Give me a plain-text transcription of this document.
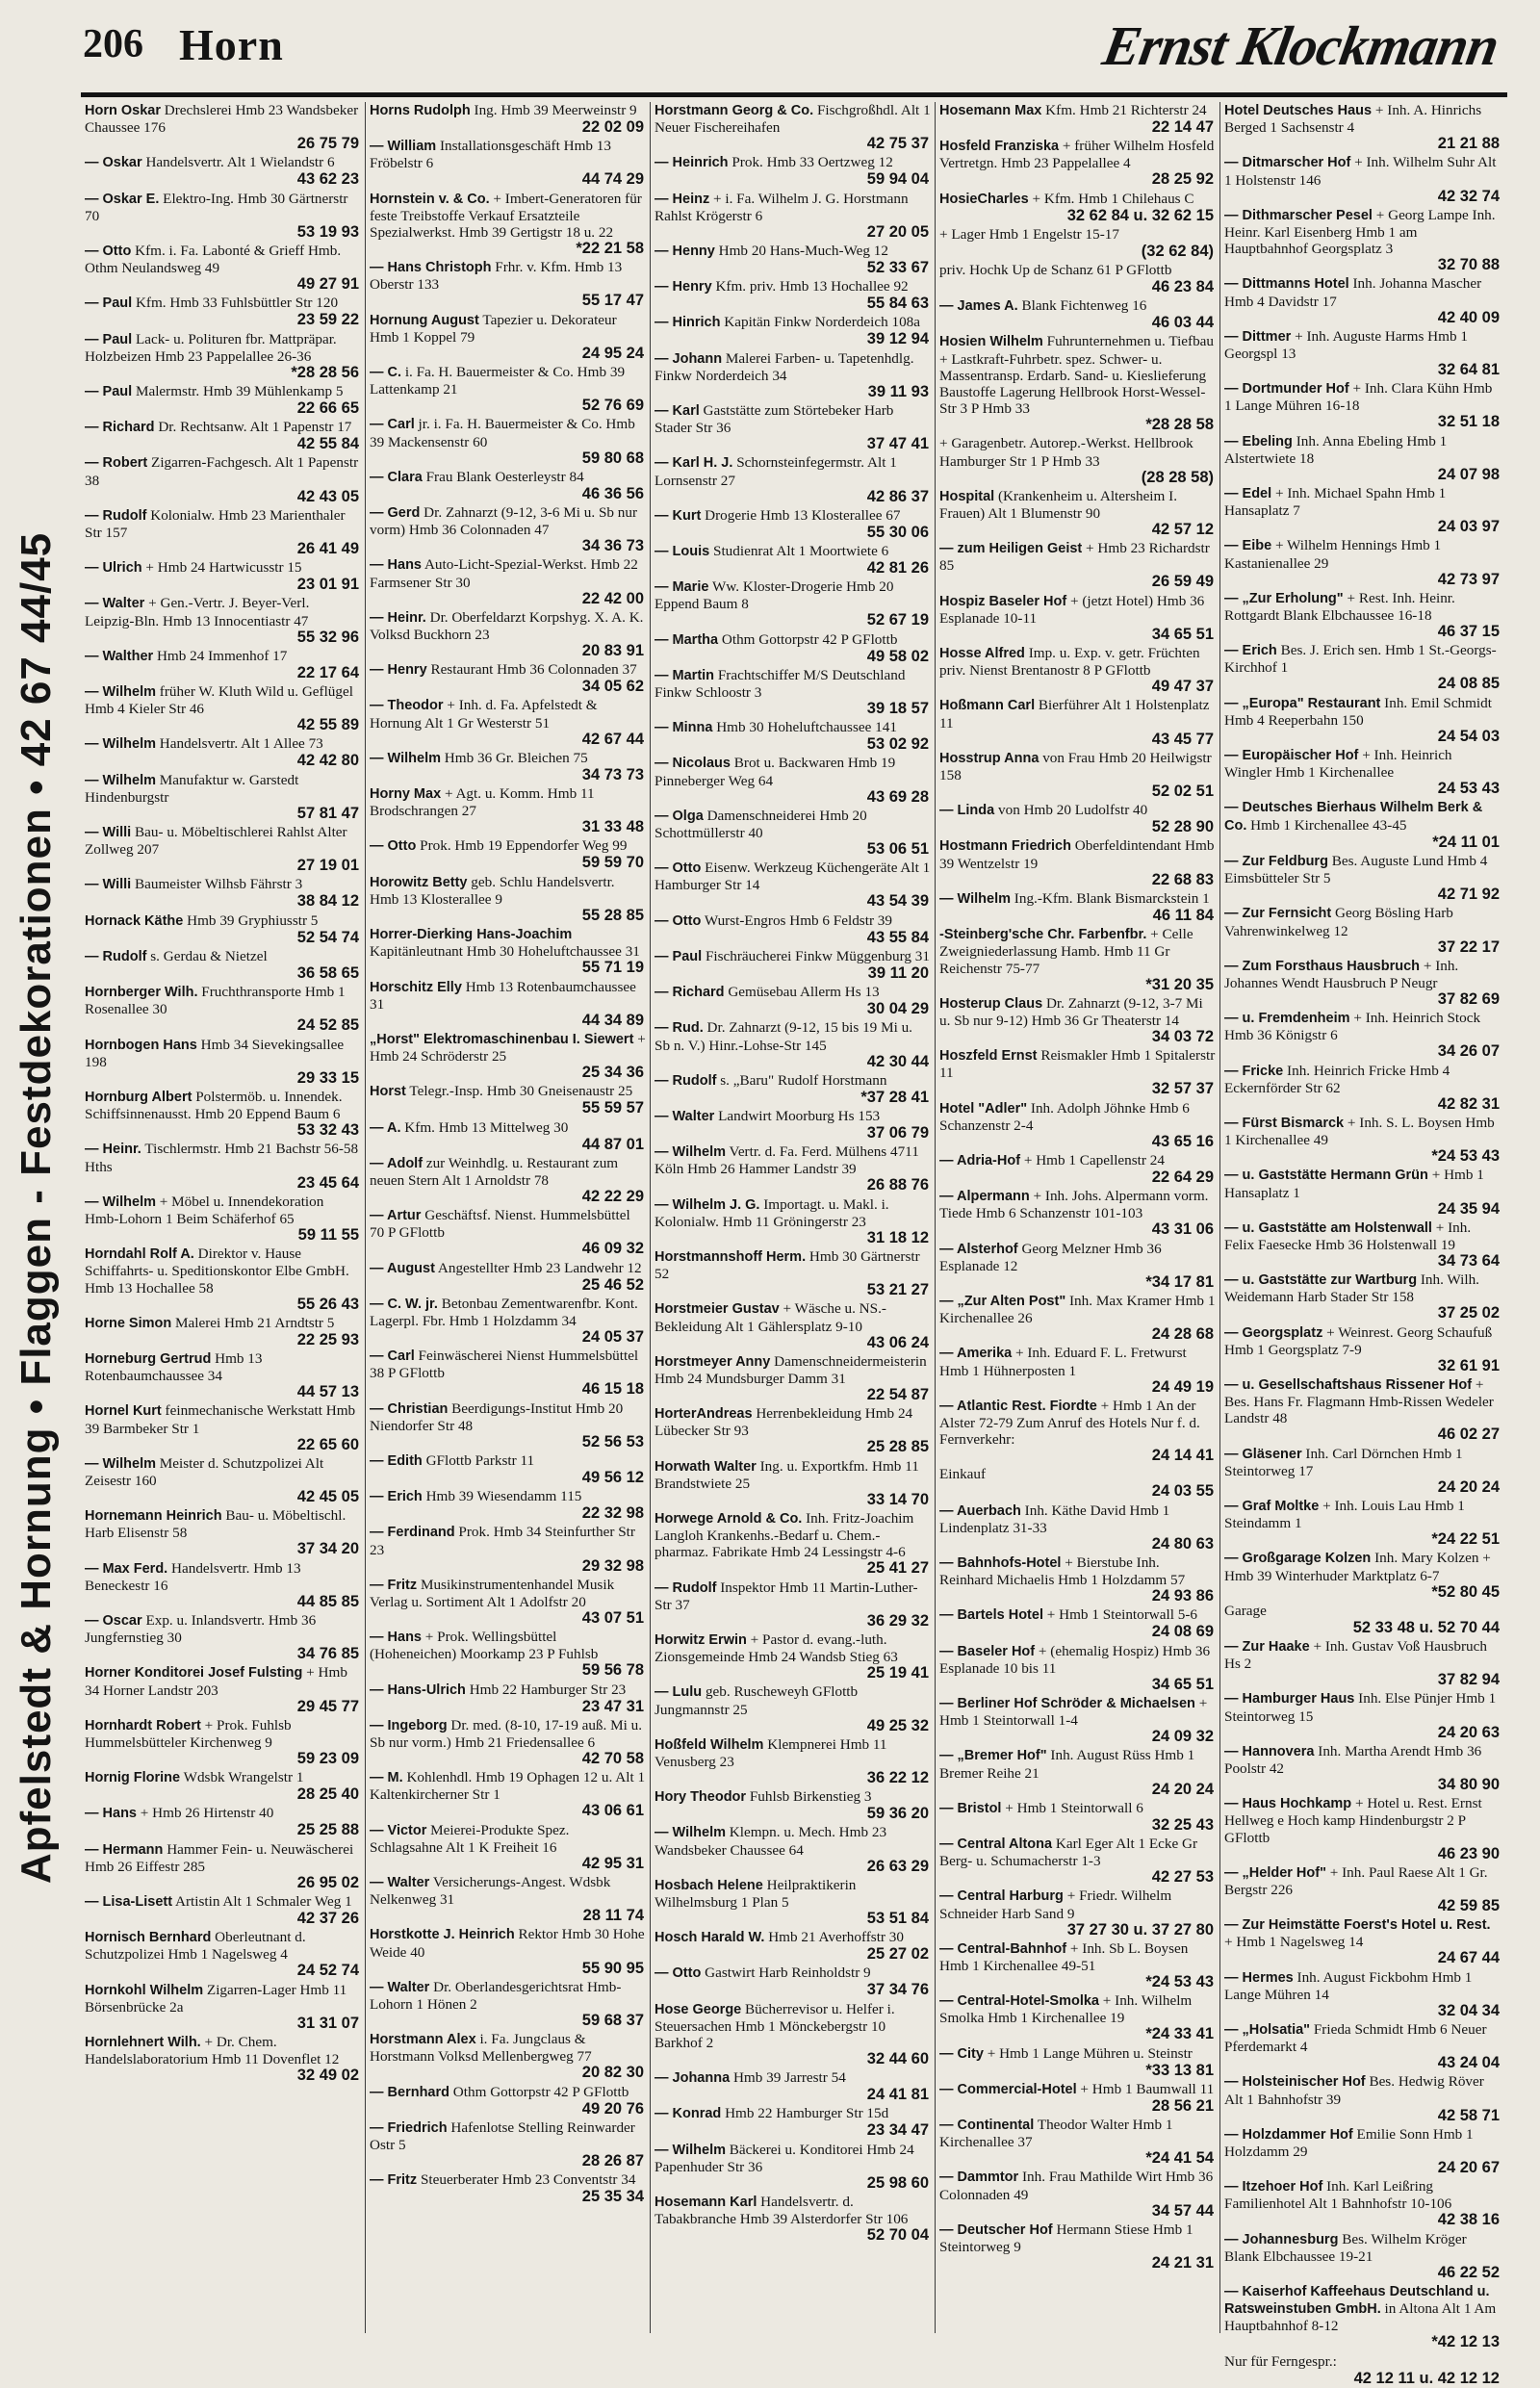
206 Horn	Ernst Klockmann
Apfelstedt & Hornung • Flaggen - Festdekorationen • 42 67 44/45
Horn Oskar Drechslerei Hmb 23 Wandsbeker Chaussee 176
26 75 79
— Oskar Handelsvertr. Alt 1 Wielandstr 6
43 62 23
— Oskar E. Elektro-Ing. Hmb 30 Gärtnerstr 70
53 19 93
— Otto Kfm. i. Fa. Labonté & Grieff Hmb. Othm Neulandsweg 49
49 27 91
— Paul Kfm. Hmb 33 Fuhlsbüttler Str 120
23 59 22
— Paul Lack- u. Polituren fbr. Mattpräpar. Holzbeizen Hmb 23 Pappelallee 26-36
*28 28 56
— Paul Malermstr. Hmb 39 Mühlenkamp 5
22 66 65
— Richard Dr. Rechtsanw. Alt 1 Papenstr 17
42 55 84
— Robert Zigarren-Fachgesch. Alt 1 Papenstr 38
42 43 05
— Rudolf Kolonialw. Hmb 23 Marienthaler Str 157
26 41 49
— Ulrich + Hmb 24 Hartwicusstr 15
23 01 91
— Walter + Gen.-Vertr. J. Beyer-Verl. Leipzig-Bln. Hmb 13 Innocentiastr 47
55 32 96
— Walther Hmb 24 Immenhof 17
22 17 64
— Wilhelm früher W. Kluth Wild u. Geflügel Hmb 4 Kieler Str 46
42 55 89
— Wilhelm Handelsvertr. Alt 1 Allee 73
42 42 80
— Wilhelm Manufaktur w. Garstedt Hindenburgstr
57 81 47
— Willi Bau- u. Möbeltischlerei Rahlst Alter Zollweg 207
27 19 01
— Willi Baumeister Wilhsb Fährstr 3
38 84 12
Hornack Käthe Hmb 39 Gryphiusstr 5
52 54 74
— Rudolf s. Gerdau & Nietzel
36 58 65
Hornberger Wilh. Fruchthransporte Hmb 1 Rosenallee 30
24 52 85
Hornbogen Hans Hmb 34 Sievekingsallee 198
29 33 15
Hornburg Albert Polstermöb. u. Innendek. Schiffsinnenausst. Hmb 20 Eppend Baum 6
53 32 43
— Heinr. Tischlermstr. Hmb 21 Bachstr 56-58 Hths
23 45 64
— Wilhelm + Möbel u. Innendekoration Hmb-Lohorn 1 Beim Schäferhof 65
59 11 55
Horndahl Rolf A. Direktor v. Hause Schiffahrts- u. Speditionskontor Elbe GmbH. Hmb 13 Hochallee 58
55 26 43
Horne Simon Malerei Hmb 21 Arndtstr 5
22 25 93
Horneburg Gertrud Hmb 13 Rotenbaumchaussee 34
44 57 13
Hornel Kurt feinmechanische Werkstatt Hmb 39 Barmbeker Str 1
22 65 60
— Wilhelm Meister d. Schutzpolizei Alt Zeisestr 160
42 45 05
Hornemann Heinrich Bau- u. Möbeltischl. Harb Elisenstr 58
37 34 20
— Max Ferd. Handelsvertr. Hmb 13 Beneckestr 16
44 85 85
— Oscar Exp. u. Inlandsvertr. Hmb 36 Jungfernstieg 30
34 76 85
Horner Konditorei Josef Fulsting + Hmb 34 Horner Landstr 203
29 45 77
Hornhardt Robert + Prok. Fuhlsb Hummelsbütteler Kirchenweg 9
59 23 09
Hornig Florine Wdsbk Wrangelstr 1
28 25 40
— Hans + Hmb 26 Hirtenstr 40
25 25 88
— Hermann Hammer Fein- u. Neuwäscherei Hmb 26 Eiffestr 285
26 95 02
— Lisa-Lisett Artistin Alt 1 Schmaler Weg 1
42 37 26
Hornisch Bernhard Oberleutnant d. Schutzpolizei Hmb 1 Nagelsweg 4
24 52 74
Hornkohl Wilhelm Zigarren-Lager Hmb 11 Börsenbrücke 2a
31 31 07
Hornlehnert Wilh. + Dr. Chem. Handelslaboratorium Hmb 11 Dovenflet 12
32 49 02
Horns Rudolph Ing. Hmb 39 Meerweinstr 9
22 02 09
— William Installationsgeschäft Hmb 13 Fröbelstr 6
44 74 29
Hornstein v. & Co. + Imbert-Generatoren für feste Treibstoffe Verkauf Ersatzteile Spezialwerkst. Hmb 39 Gertigstr 18 u. 22
*22 21 58
— Hans Christoph Frhr. v. Kfm. Hmb 13 Oberstr 133
55 17 47
Hornung August Tapezier u. Dekorateur Hmb 1 Koppel 79
24 95 24
— C. i. Fa. H. Bauermeister & Co. Hmb 39 Lattenkamp 21
52 76 69
— Carl jr. i. Fa. H. Bauermeister & Co. Hmb 39 Mackensenstr 60
59 80 68
— Clara Frau Blank Oesterleystr 84
46 36 56
— Gerd Dr. Zahnarzt (9-12, 3-6 Mi u. Sb nur vorm) Hmb 36 Colonnaden 47
34 36 73
— Hans Auto-Licht-Spezial-Werkst. Hmb 22 Farmsener Str 30
22 42 00
— Heinr. Dr. Oberfeldarzt Korpshyg. X. A. K. Volksd Buckhorn 23
20 83 91
— Henry Restaurant Hmb 36 Colonnaden 37
34 05 62
— Theodor + Inh. d. Fa. Apfelstedt & Hornung Alt 1 Gr Westerstr 51
42 67 44
— Wilhelm Hmb 36 Gr. Bleichen 75
34 73 73
Horny Max + Agt. u. Komm. Hmb 11 Brodschrangen 27
31 33 48
— Otto Prok. Hmb 19 Eppendorfer Weg 99
59 59 70
Horowitz Betty geb. Schlu Handelsvertr. Hmb 13 Klosterallee 9
55 28 85
Horrer-Dierking Hans-Joachim Kapitänleutnant Hmb 30 Hoheluftchaussee 31
55 71 19
Horschitz Elly Hmb 13 Rotenbaumchaussee 31
44 34 89
„Horst" Elektromaschinenbau I. Siewert + Hmb 24 Schröderstr 25
25 34 36
Horst Telegr.-Insp. Hmb 30 Gneisenaustr 25
55 59 57
— A. Kfm. Hmb 13 Mittelweg 30
44 87 01
— Adolf zur Weinhdlg. u. Restaurant zum neuen Stern Alt 1 Arnoldstr 78
42 22 29
— Artur Geschäftsf. Nienst. Hummelsbüttel 70 P GFlottb
46 09 32
— August Angestellter Hmb 23 Landwehr 12
25 46 52
— C. W. jr. Betonbau Zementwarenfbr. Kont. Lagerpl. Fbr. Hmb 1 Holzdamm 34
24 05 37
— Carl Feinwäscherei Nienst Hummelsbüttel 38 P GFlottb
46 15 18
— Christian Beerdigungs-Institut Hmb 20 Niendorfer Str 48
52 56 53
— Edith GFlottb Parkstr 11
49 56 12
— Erich Hmb 39 Wiesendamm 115
22 32 98
— Ferdinand Prok. Hmb 34 Steinfurther Str 23
29 32 98
— Fritz Musikinstrumentenhandel Musik Verlag u. Sortiment Alt 1 Adolfstr 20
43 07 51
— Hans + Prok. Wellingsbüttel (Hoheneichen) Moorkamp 23 P Fuhlsb
59 56 78
— Hans-Ulrich Hmb 22 Hamburger Str 23
23 47 31
— Ingeborg Dr. med. (8-10, 17-19 auß. Mi u. Sb nur vorm.) Hmb 21 Friedensallee 6
42 70 58
— M. Kohlenhdl. Hmb 19 Ophagen 12 u. Alt 1 Kaltenkircherner Str 1
43 06 61
— Victor Meierei-Produkte Spez. Schlagsahne Alt 1 K Freiheit 16
42 95 31
— Walter Versicherungs-Angest. Wdsbk Nelkenweg 31
28 11 74
Horstkotte J. Heinrich Rektor Hmb 30 Hohe Weide 40
55 90 95
— Walter Dr. Oberlandesgerichtsrat Hmb-Lohorn 1 Hönen 2
59 68 37
Horstmann Alex i. Fa. Jungclaus & Horstmann Volksd Mellenbergweg 77
20 82 30
— Bernhard Othm Gottorpstr 42 P GFlottb
49 20 76
— Friedrich Hafenlotse Stelling Reinwarder Ostr 5
28 26 87
— Fritz Steuerberater Hmb 23 Conventstr 34
25 35 34
Horstmann Georg & Co. Fischgroßhdl. Alt 1 Neuer Fischereihafen
42 75 37
— Heinrich Prok. Hmb 33 Oertzweg 12
59 94 04
— Heinz + i. Fa. Wilhelm J. G. Horstmann Rahlst Krögerstr 6
27 20 05
— Henny Hmb 20 Hans-Much-Weg 12
52 33 67
— Henry Kfm. priv. Hmb 13 Hochallee 92
55 84 63
— Hinrich Kapitän Finkw Norderdeich 108a
39 12 94
— Johann Malerei Farben- u. Tapetenhdlg. Finkw Norderdeich 34
39 11 93
— Karl Gaststätte zum Störtebeker Harb Stader Str 36
37 47 41
— Karl H. J. Schornsteinfegermstr. Alt 1 Lornsenstr 27
42 86 37
— Kurt Drogerie Hmb 13 Klosterallee 67
55 30 06
— Louis Studienrat Alt 1 Moortwiete 6
42 81 26
— Marie Ww. Kloster-Drogerie Hmb 20 Eppend Baum 8
52 67 19
— Martha Othm Gottorpstr 42 P GFlottb
49 58 02
— Martin Frachtschiffer M/S Deutschland Finkw Schloostr 3
39 18 57
— Minna Hmb 30 Hoheluftchaussee 141
53 02 92
— Nicolaus Brot u. Backwaren Hmb 19 Pinneberger Weg 64
43 69 28
— Olga Damenschneiderei Hmb 20 Schottmüllerstr 40
53 06 51
— Otto Eisenw. Werkzeug Küchengeräte Alt 1 Hamburger Str 14
43 54 39
— Otto Wurst-Engros Hmb 6 Feldstr 39
43 55 84
— Paul Fischräucherei Finkw Müggenburg 31
39 11 20
— Richard Gemüsebau Allerm Hs 13
30 04 29
— Rud. Dr. Zahnarzt (9-12, 15 bis 19 Mi u. Sb n. V.) Hinr.-Lohse-Str 145
42 30 44
— Rudolf s. „Baru" Rudolf Horstmann
*37 28 41
— Walter Landwirt Moorburg Hs 153
37 06 79
— Wilhelm Vertr. d. Fa. Ferd. Mülhens 4711 Köln Hmb 26 Hammer Landstr 39
26 88 76
— Wilhelm J. G. Importagt. u. Makl. i. Kolonialw. Hmb 11 Gröningerstr 23
31 18 12
Horstmannshoff Herm. Hmb 30 Gärtnerstr 52
53 21 27
Horstmeier Gustav + Wäsche u. NS.-Bekleidung Alt 1 Gählersplatz 9-10
43 06 24
Horstmeyer Anny Damenschneidermeisterin Hmb 24 Mundsburger Damm 31
22 54 87
HorterAndreas Herrenbekleidung Hmb 24 Lübecker Str 93
25 28 85
Horwath Walter Ing. u. Exportkfm. Hmb 11 Brandstwiete 25
33 14 70
Horwege Arnold & Co. Inh. Fritz-Joachim Langloh Krankenhs.-Bedarf u. Chem.-pharmaz. Fabrikate Hmb 24 Lessingstr 4-6
25 41 27
— Rudolf Inspektor Hmb 11 Martin-Luther-Str 37
36 29 32
Horwitz Erwin + Pastor d. evang.-luth. Zionsgemeinde Hmb 24 Wandsb Stieg 63
25 19 41
— Lulu geb. Ruscheweyh GFlottb Jungmannstr 25
49 25 32
Hoßfeld Wilhelm Klempnerei Hmb 11 Venusberg 23
36 22 12
Hory Theodor Fuhlsb Birkenstieg 3
59 36 20
— Wilhelm Klempn. u. Mech. Hmb 23 Wandsbeker Chaussee 64
26 63 29
Hosbach Helene Heilpraktikerin Wilhelmsburg 1 Plan 5
53 51 84
Hosch Harald W. Hmb 21 Averhoffstr 30
25 27 02
— Otto Gastwirt Harb Reinholdstr 9
37 34 76
Hose George Bücherrevisor u. Helfer i. Steuersachen Hmb 1 Mönckebergstr 10 Barkhof 2
32 44 60
— Johanna Hmb 39 Jarrestr 54
24 41 81
— Konrad Hmb 22 Hamburger Str 15d
23 34 47
— Wilhelm Bäckerei u. Konditorei Hmb 24 Papenhuder Str 36
25 98 60
Hosemann Karl Handelsvertr. d. Tabakbranche Hmb 39 Alsterdorfer Str 106
52 70 04
Hosemann Max Kfm. Hmb 21 Richterstr 24
22 14 47
Hosfeld Franziska + früher Wilhelm Hosfeld Vertretgn. Hmb 23 Pappelallee 4
28 25 92
HosieCharles + Kfm. Hmb 1 Chilehaus C
32 62 84 u. 32 62 15
+ Lager Hmb 1 Engelstr 15-17
(32 62 84)
priv. Hochk Up de Schanz 61 P GFlottb
46 23 84
— James A. Blank Fichtenweg 16
46 03 44
Hosien Wilhelm Fuhrunternehmen u. Tiefbau + Lastkraft-Fuhrbetr. spez. Schwer- u. Massentransp. Erdarb. Sand- u. Kieslieferung Baustoffe Lagerung Hellbrook Horst-Wessel-Str 3 P Hmb 33
*28 28 58
+ Garagenbetr. Autorep.-Werkst. Hellbrook Hamburger Str 1 P Hmb 33
(28 28 58)
Hospital (Krankenheim u. Altersheim I. Frauen) Alt 1 Blumenstr 90
42 57 12
— zum Heiligen Geist + Hmb 23 Richardstr 85
26 59 49
Hospiz Baseler Hof + (jetzt Hotel) Hmb 36 Esplanade 10-11
34 65 51
Hosse Alfred Imp. u. Exp. v. getr. Früchten priv. Nienst Brentanostr 8 P GFlottb
49 47 37
Hoßmann Carl Bierführer Alt 1 Holstenplatz 11
43 45 77
Hosstrup Anna von Frau Hmb 20 Heilwigstr 158
52 02 51
— Linda von Hmb 20 Ludolfstr 40
52 28 90
Hostmann Friedrich Oberfeldintendant Hmb 39 Wentzelstr 19
22 68 83
— Wilhelm Ing.-Kfm. Blank Bismarckstein 1
46 11 84
-Steinberg'sche Chr. Farbenfbr. + Celle Zweigniederlassung Hamb. Hmb 11 Gr Reichenstr 75-77
*31 20 35
Hosterup Claus Dr. Zahnarzt (9-12, 3-7 Mi u. Sb nur 9-12) Hmb 36 Gr Theaterstr 14
34 03 72
Hoszfeld Ernst Reismakler Hmb 1 Spitalerstr 11
32 57 37
Hotel "Adler" Inh. Adolph Jöhnke Hmb 6 Schanzenstr 2-4
43 65 16
— Adria-Hof + Hmb 1 Capellenstr 24
22 64 29
— Alpermann + Inh. Johs. Alpermann vorm. Tiede Hmb 6 Schanzenstr 101-103
43 31 06
— Alsterhof Georg Melzner Hmb 36 Esplanade 12
*34 17 81
— „Zur Alten Post" Inh. Max Kramer Hmb 1 Kirchenallee 26
24 28 68
— Amerika + Inh. Eduard F. L. Fretwurst Hmb 1 Hühnerposten 1
24 49 19
— Atlantic Rest. Fiordte + Hmb 1 An der Alster 72-79 Zum Anruf des Hotels Nur f. d. Fernverkehr:
24 14 41
Einkauf
24 03 55
— Auerbach Inh. Käthe David Hmb 1 Lindenplatz 31-33
24 80 63
— Bahnhofs-Hotel + Bierstube Inh. Reinhard Michaelis Hmb 1 Holzdamm 57
24 93 86
— Bartels Hotel + Hmb 1 Steintorwall 5-6
24 08 69
— Baseler Hof + (ehemalig Hospiz) Hmb 36 Esplanade 10 bis 11
34 65 51
— Berliner Hof Schröder & Michaelsen + Hmb 1 Steintorwall 1-4
24 09 32
— „Bremer Hof" Inh. August Rüss Hmb 1 Bremer Reihe 21
24 20 24
— Bristol + Hmb 1 Steintorwall 6
32 25 43
— Central Altona Karl Eger Alt 1 Ecke Gr Berg- u. Schumacherstr 1-3
42 27 53
— Central Harburg + Friedr. Wilhelm Schneider Harb Sand 9
37 27 30 u. 37 27 80
— Central-Bahnhof + Inh. Sb L. Boysen Hmb 1 Kirchenallee 49-51
*24 53 43
— Central-Hotel-Smolka + Inh. Wilhelm Smolka Hmb 1 Kirchenallee 19
*24 33 41
— City + Hmb 1 Lange Mühren u. Steinstr
*33 13 81
— Commercial-Hotel + Hmb 1 Baumwall 11
28 56 21
— Continental Theodor Walter Hmb 1 Kirchenallee 37
*24 41 54
— Dammtor Inh. Frau Mathilde Wirt Hmb 36 Colonnaden 49
34 57 44
— Deutscher Hof Hermann Stiese Hmb 1 Steintorweg 9
24 21 31
Hotel Deutsches Haus + Inh. A. Hinrichs Berged 1 Sachsenstr 4
21 21 88
— Ditmarscher Hof + Inh. Wilhelm Suhr Alt 1 Holstenstr 146
42 32 74
— Dithmarscher Pesel + Georg Lampe Inh. Heinr. Karl Eisenberg Hmb 1 am Hauptbahnhof Georgsplatz 3
32 70 88
— Dittmanns Hotel Inh. Johanna Mascher Hmb 4 Davidstr 17
42 40 09
— Dittmer + Inh. Auguste Harms Hmb 1 Georgspl 13
32 64 81
— Dortmunder Hof + Inh. Clara Kühn Hmb 1 Lange Mühren 16-18
32 51 18
— Ebeling Inh. Anna Ebeling Hmb 1 Alstertwiete 18
24 07 98
— Edel + Inh. Michael Spahn Hmb 1 Hansaplatz 7
24 03 97
— Eibe + Wilhelm Hennings Hmb 1 Kastanienallee 29
42 73 97
— „Zur Erholung" + Rest. Inh. Heinr. Rottgardt Blank Elbchaussee 16-18
46 37 15
— Erich Bes. J. Erich sen. Hmb 1 St.-Georgs-Kirchhof 1
24 08 85
— „Europa" Restaurant Inh. Emil Schmidt Hmb 4 Reeperbahn 150
24 54 03
— Europäischer Hof + Inh. Heinrich Wingler Hmb 1 Kirchenallee
24 53 43
— Deutsches Bierhaus Wilhelm Berk & Co. Hmb 1 Kirchenallee 43-45
*24 11 01
— Zur Feldburg Bes. Auguste Lund Hmb 4 Eimsbütteler Str 5
42 71 92
— Zur Fernsicht Georg Bösling Harb Vahrenwinkelweg 12
37 22 17
— Zum Forsthaus Hausbruch + Inh. Johannes Wendt Hausbruch P Neugr
37 82 69
— u. Fremdenheim + Inh. Heinrich Stock Hmb 36 Königstr 6
34 26 07
— Fricke Inh. Heinrich Fricke Hmb 4 Eckernförder Str 62
42 82 31
— Fürst Bismarck + Inh. S. L. Boysen Hmb 1 Kirchenallee 49
*24 53 43
— u. Gaststätte Hermann Grün + Hmb 1 Hansaplatz 1
24 35 94
— u. Gaststätte am Holstenwall + Inh. Felix Faesecke Hmb 36 Holstenwall 19
34 73 64
— u. Gaststätte zur Wartburg Inh. Wilh. Weidemann Harb Stader Str 158
37 25 02
— Georgsplatz + Weinrest. Georg Schaufuß Hmb 1 Georgsplatz 7-9
32 61 91
— u. Gesellschaftshaus Rissener Hof + Bes. Hans Fr. Flagmann Hmb-Rissen Wedeler Landstr 48
46 02 27
— Gläsener Inh. Carl Dörnchen Hmb 1 Steintorweg 17
24 20 24
— Graf Moltke + Inh. Louis Lau Hmb 1 Steindamm 1
*24 22 51
— Großgarage Kolzen Inh. Mary Kolzen + Hmb 39 Winterhuder Marktplatz 6-7
*52 80 45
Garage
52 33 48 u. 52 70 44
— Zur Haake + Inh. Gustav Voß Hausbruch Hs 2
37 82 94
— Hamburger Haus Inh. Else Pünjer Hmb 1 Steintorweg 15
24 20 63
— Hannovera Inh. Martha Arendt Hmb 36 Poolstr 42
34 80 90
— Haus Hochkamp + Hotel u. Rest. Ernst Hellweg e Hoch kamp Hindenburgstr 2 P GFlottb
46 23 90
— „Helder Hof" + Inh. Paul Raese Alt 1 Gr. Bergstr 226
42 59 85
— Zur Heimstätte Foerst's Hotel u. Rest. + Hmb 1 Nagelsweg 14
24 67 44
— Hermes Inh. August Fickbohm Hmb 1 Lange Mühren 14
32 04 34
— „Holsatia" Frieda Schmidt Hmb 6 Neuer Pferdemarkt 4
43 24 04
— Holsteinischer Hof Bes. Hedwig Röver Alt 1 Bahnhofstr 39
42 58 71
— Holzdammer Hof Emilie Sonn Hmb 1 Holzdamm 29
24 20 67
— Itzehoer Hof Inh. Karl Leißring Familienhotel Alt 1 Bahnhofstr 10-106
42 38 16
— Johannesburg Bes. Wilhelm Kröger Blank Elbchaussee 19-21
46 22 52
— Kaiserhof Kaffeehaus Deutschland u. Ratsweinstuben GmbH. in Altona Alt 1 Am Hauptbahnhof 8-12
*42 12 13
Nur für Ferngespr.:
42 12 11 u. 42 12 12
